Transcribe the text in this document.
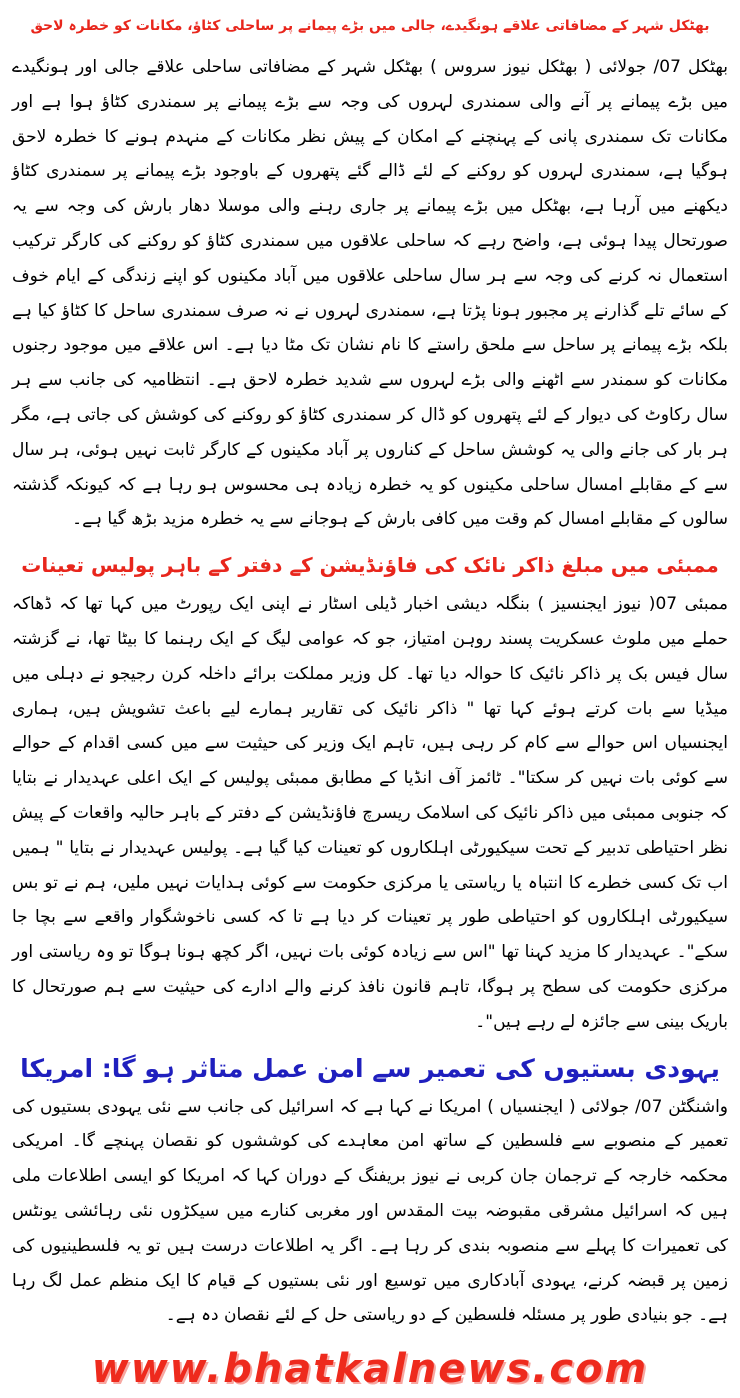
بھٹکل شہر کے مضافاتی علاقے ہونگیدے، جالی میں بڑے پیمانے پر ساحلی کٹاؤ، مکانات کو خطرہ لاحق

بھٹکل 07/ جولائی ( بھٹکل نیوز سروس ) بھٹکل شہر کے مضافاتی ساحلی علاقے جالی اور ہونگیدے میں بڑے پیمانے پر آنے والی سمندری لہروں کی وجہ سے بڑے پیمانے پر سمندری کٹاؤ ہوا ہے اور مکانات تک سمندری پانی کے پہنچنے کے امکان کے پیش نظر مکانات کے منہدم ہونے کا خطرہ لاحق ہوگیا ہے، سمندری لہروں کو روکنے کے لئے ڈالے گئے پتھروں کے باوجود بڑے پیمانے پر سمندری کٹاؤ دیکھنے میں آرہا ہے، بھٹکل میں بڑے پیمانے پر جاری رہنے والی موسلا دھار بارش کی وجہ سے یہ صورتحال پیدا ہوئی ہے، واضح رہے کہ ساحلی علاقوں میں سمندری کٹاؤ کو روکنے کی کارگر ترکیب استعمال نہ کرنے کی وجہ سے ہر سال ساحلی علاقوں میں آباد مکینوں کو اپنے زندگی کے ایام خوف کے سائے تلے گذارنے پر مجبور ہونا پڑتا ہے، سمندری لہروں نے نہ صرف سمندری ساحل کا کٹاؤ کیا ہے بلکہ بڑے پیمانے پر ساحل سے ملحق راستے کا نام نشان تک مٹا دیا ہے۔ اس علاقے میں موجود رجنوں مکانات کو سمندر سے اٹھنے والی بڑے لہروں سے شدید خطرہ لاحق ہے۔ انتظامیہ کی جانب سے ہر سال رکاوٹ کی دیوار کے لئے پتھروں کو ڈال کر سمندری کٹاؤ کو روکنے کی کوشش کی جاتی ہے، مگر ہر بار کی جانے والی یہ کوشش ساحل کے کناروں پر آباد مکینوں کے کارگر ثابت نہیں ہوئی، ہر سال سے کے مقابلے امسال ساحلی مکینوں کو یہ خطرہ زیادہ ہی محسوس ہو رہا ہے کہ کیونکہ گذشتہ سالوں کے مقابلے امسال کم وقت میں کافی بارش کے ہوجانے سے یہ خطرہ مزید بڑھ گیا ہے۔

ممبئی میں مبلغ ذاکر نائک کی فاؤنڈیشن کے دفتر کے باہر پولیس تعینات

ممبئی 07( نیوز ایجنسیز ) بنگلہ دیشی اخبار ڈیلی اسٹار نے اپنی ایک رپورٹ میں کہا تھا کہ ڈھاکہ حملے میں ملوث عسکریت پسند روہن امتیاز، جو کہ عوامی لیگ کے ایک رہنما کا بیٹا تھا، نے گزشتہ سال فیس بک پر ذاکر نائیک کا حوالہ دیا تھا۔ کل وزیر مملکت برائے داخلہ کرن رجیجو نے دہلی میں میڈیا سے بات کرتے ہوئے کہا تھا " ذاکر نائیک کی تقاریر ہمارے لیے باعث تشویش ہیں، ہماری ایجنسیاں اس حوالے سے کام کر رہی ہیں، تاہم ایک وزیر کی حیثیت سے میں کسی اقدام کے حوالے سے کوئی بات نہیں کر سکتا"۔ ٹائمز آف انڈیا کے مطابق ممبئی پولیس کے ایک اعلی عہدیدار نے بتایا کہ جنوبی ممبئی میں ذاکر نائیک کی اسلامک ریسرچ فاؤنڈیشن کے دفتر کے باہر حالیہ واقعات کے پیش نظر احتیاطی تدبیر کے تحت سیکیورٹی اہلکاروں کو تعینات کیا گیا ہے۔ پولیس عہدیدار نے بتایا " ہمیں اب تک کسی خطرے کا انتباہ یا ریاستی یا مرکزی حکومت سے کوئی ہدایات نہیں ملیں، ہم نے تو بس سیکیورٹی اہلکاروں کو احتیاطی طور پر تعینات کر دیا ہے تا کہ کسی ناخوشگوار واقعے سے بچا جا سکے"۔ عہدیدار کا مزید کہنا تھا "اس سے زیادہ کوئی بات نہیں، اگر کچھ ہونا ہوگا تو وہ ریاستی اور مرکزی حکومت کی سطح پر ہوگا، تاہم قانون نافذ کرنے والے ادارے کی حیثیت سے ہم صورتحال کا باریک بینی سے جائزہ لے رہے ہیں"۔

یہودی بستیوں کی تعمیر سے امن عمل متاثر ہو گا: امریکا

واشنگٹن 07/ جولائی ( ایجنسیاں ) امریکا نے کہا ہے کہ اسرائیل کی جانب سے نئی یہودی بستیوں کی تعمیر کے منصوبے سے فلسطین کے ساتھ امن معاہدے کی کوششوں کو نقصان پہنچے گا۔ امریکی محکمہ خارجہ کے ترجمان جان کربی نے نیوز بریفنگ کے دوران کہا کہ امریکا کو ایسی اطلاعات ملی ہیں کہ اسرائیل مشرقی مقبوضہ بیت المقدس اور مغربی کنارے میں سیکڑوں نئی رہائشی یونٹس کی تعمیرات کا پہلے سے منصوبہ بندی کر رہا ہے۔ اگر یہ اطلاعات درست ہیں تو یہ فلسطینیوں کی زمین پر قبضہ کرنے، یہودی آبادکاری میں توسیع اور نئی بستیوں کے قیام کا ایک منظم عمل لگ رہا ہے۔ جو بنیادی طور پر مسئلہ فلسطین کے دو ریاستی حل کے لئے نقصان دہ ہے۔

www.bhatkalnews.com
